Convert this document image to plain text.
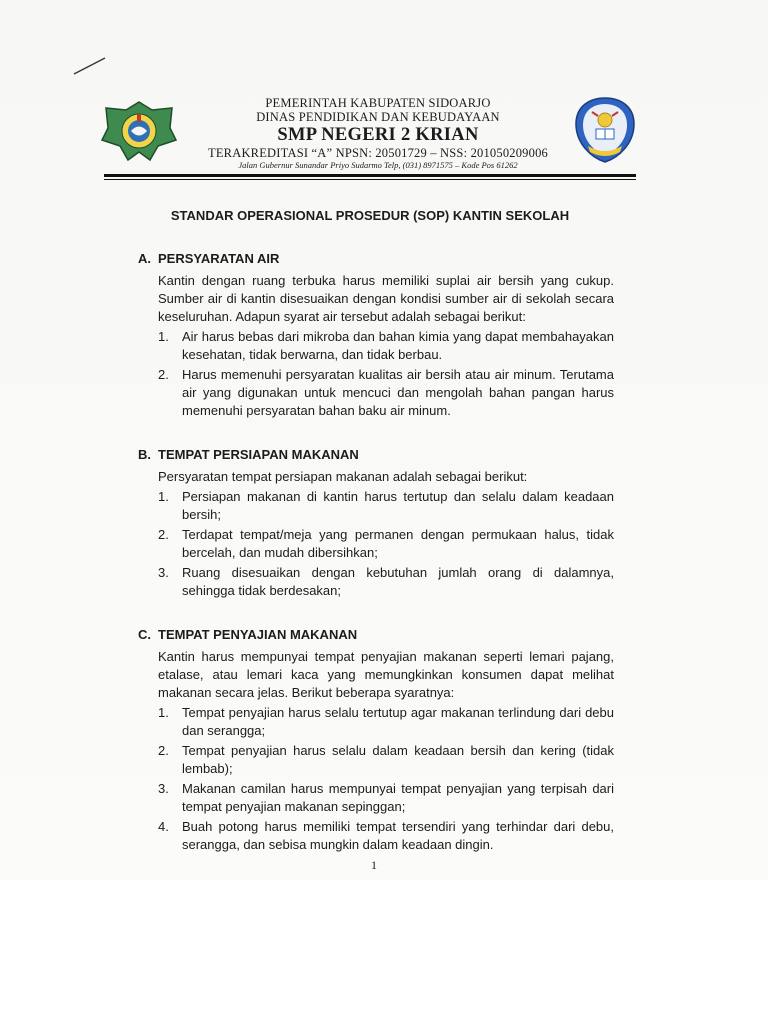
PEMERINTAH KABUPATEN SIDOARJO
DINAS PENDIDIKAN DAN KEBUDAYAAN
SMP NEGERI 2 KRIAN
TERAKREDITASI “A” NPSN: 20501729 – NSS: 201050209006
Jalan Gubernur Sunandar Priyo Sudarmo Telp, (031) 8971575 – Kode Pos 61262
STANDAR OPERASIONAL PROSEDUR (SOP) KANTIN SEKOLAH
A. PERSYARATAN AIR
Kantin dengan ruang terbuka harus memiliki suplai air bersih yang cukup. Sumber air di kantin disesuaikan dengan kondisi sumber air di sekolah secara keseluruhan. Adapun syarat air tersebut adalah sebagai berikut:
1.	Air harus bebas dari mikroba dan bahan kimia yang dapat membahayakan kesehatan, tidak berwarna, dan tidak berbau.
2.	Harus memenuhi persyaratan kualitas air bersih atau air minum. Terutama air yang digunakan untuk mencuci dan mengolah bahan pangan harus memenuhi persyaratan bahan baku air minum.
B. TEMPAT PERSIAPAN MAKANAN
Persyaratan tempat persiapan makanan adalah sebagai berikut:
1.	Persiapan makanan di kantin harus tertutup dan selalu dalam keadaan bersih;
2.	Terdapat tempat/meja yang permanen dengan permukaan halus, tidak bercelah, dan mudah dibersihkan;
3.	Ruang disesuaikan dengan kebutuhan jumlah orang di dalamnya, sehingga tidak berdesakan;
C. TEMPAT PENYAJIAN MAKANAN
Kantin harus mempunyai tempat penyajian makanan seperti lemari pajang, etalase, atau lemari kaca yang memungkinkan konsumen dapat melihat makanan secara jelas. Berikut beberapa syaratnya:
1.	Tempat penyajian harus selalu tertutup agar makanan terlindung dari debu dan serangga;
2.	Tempat penyajian harus selalu dalam keadaan bersih dan kering (tidak lembab);
3.	Makanan camilan harus mempunyai tempat penyajian yang terpisah dari tempat penyajian makanan sepinggan;
4.	Buah potong harus memiliki tempat tersendiri yang terhindar dari debu, serangga, dan sebisa mungkin dalam keadaan dingin.
1
